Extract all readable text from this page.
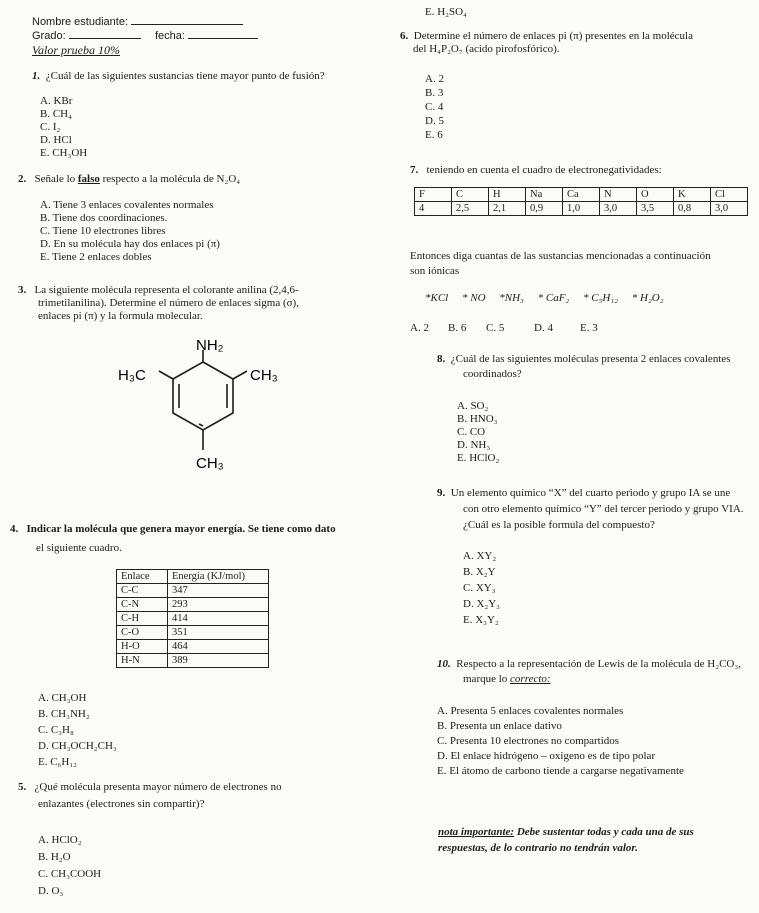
Nombre estudiante:
Grado:	fecha:
Valor prueba 10%
1. ¿Cuál de las siguientes sustancias tiene mayor punto de fusión?
A. KBr
B. CH₄
C. I₂
D. HCl
E. CH₃OH
2. Señale lo falso respecto a la molécula de N₂O₄
A. Tiene 3 enlaces covalentes normales
B. Tiene dos coordinaciones.
C. Tiene 10 electrones libres
D. En su molécula hay dos enlaces pi (π)
E. Tiene 2 enlaces dobles
3. La siguiente molécula representa el colorante anilina (2,4,6-
trimetilanilina). Determine el número de enlaces sigma (σ),
enlaces pi (π) y la formula molecular.
NH₂
H₃C	CH₃
CH₃
4. Indicar la molécula que genera mayor energía. Se tiene como dato
el siguiente cuadro.
Enlace	Energía (KJ/mol)
C-C	347
C-N	293
C-H	414
C-O	351
H-O	464
H-N	389
A. CH₃OH
B. CH₃NH₂
C. C₃H₈
D. CH₃OCH₂CH₃
E. C₆H₁₂
5. ¿Qué molécula presenta mayor número de electrones no
enlazantes (electrones sin compartir)?
A. HClO₂
B. H₂O
C. CH₃COOH
D. O₃
E. H₂SO₄
6. Determine el número de enlaces pi (π) presentes en la molécula
del H₄P₂O₇ (acido pirofosfórico).
A. 2
B. 3
C. 4
D. 5
E. 6
7. teniendo en cuenta el cuadro de electronegatividades:
F	C	H	Na	Ca	N	O	K	Cl
4	2,5	2,1	0,9	1,0	3,0	3,5	0,8	3,0
Entonces diga cuantas de las sustancias mencionadas a continuación
son iónicas
*KCl     * NO     *NH₃     * CaF₂     * C₅H₁₂     * H₂O₂
A. 2 B. 6 C. 5	D. 4 E. 3
8. ¿Cuál de las siguientes moléculas presenta 2 enlaces covalentes
coordinados?
A. SO₂
B. HNO₃
C. CO
D. NH₃
E. HClO₂
9. Un elemento químico “X” del cuarto periodo y grupo IA se une
con otro elemento químico “Y” del tercer periodo y grupo VIA.
¿Cuál es la posible formula del compuesto?
A. XY₂
B. X₂Y
C. XY₃
D. X₂Y₃
E. X₃Y₂
10. Respecto a la representación de Lewis de la molécula de H₂CO₃,
marque lo correcto:
A. Presenta 5 enlaces covalentes normales
B. Presenta un enlace dativo
C. Presenta 10 electrones no compartidos
D. El enlace hidrógeno – oxigeno es de tipo polar
E. El átomo de carbono tiende a cargarse negativamente
nota importante: Debe sustentar todas y cada una de sus
respuestas, de lo contrario no tendrán valor.
